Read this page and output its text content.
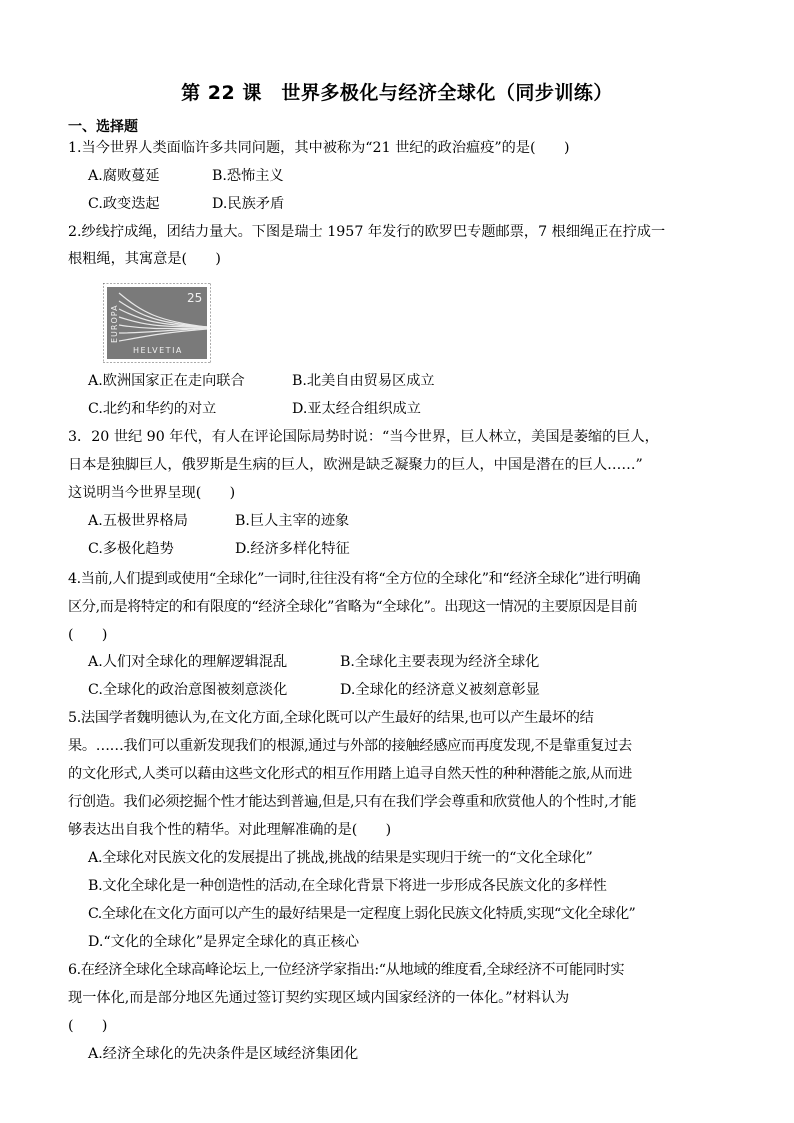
第 22 课　世界多极化与经济全球化（同步训练）
一、选择题
1.当今世界人类面临许多共同问题，其中被称为“21 世纪的政治瘟疫”的是(　　)
A.腐败蔓延	B.恐怖主义
C.政变迭起	D.民族矛盾
2.纱线拧成绳，团结力量大。下图是瑞士 1957 年发行的欧罗巴专题邮票，7 根细绳正在拧成一
根粗绳，其寓意是(　　)
EUROPA
25
HELVETIA
A.欧洲国家正在走向联合	B.北美自由贸易区成立
C.北约和华约的对立	D.亚太经合组织成立
3．20 世纪 90 年代，有人在评论国际局势时说：“当今世界，巨人林立，美国是萎缩的巨人，
日本是独脚巨人，俄罗斯是生病的巨人，欧洲是缺乏凝聚力的巨人，中国是潜在的巨人……”
这说明当今世界呈现(　　)
A.五极世界格局	B.巨人主宰的迹象
C.多极化趋势	D.经济多样化特征
4.当前,人们提到或使用“全球化”一词时,往往没有将“全方位的全球化”和“经济全球化”进行明确
区分,而是将特定的和有限度的“经济全球化”省略为“全球化”。出现这一情况的主要原因是目前
(　　)
A.人们对全球化的理解逻辑混乱	B.全球化主要表现为经济全球化
C.全球化的政治意图被刻意淡化	D.全球化的经济意义被刻意彰显
5.法国学者魏明德认为,在文化方面,全球化既可以产生最好的结果,也可以产生最坏的结
果。……我们可以重新发现我们的根源,通过与外部的接触经感应而再度发现,不是靠重复过去
的文化形式,人类可以藉由这些文化形式的相互作用踏上追寻自然天性的种种潜能之旅,从而进
行创造。我们必须挖掘个性才能达到普遍,但是,只有在我们学会尊重和欣赏他人的个性时,才能
够表达出自我个性的精华。对此理解准确的是(　　)
A.全球化对民族文化的发展提出了挑战,挑战的结果是实现归于统一的“文化全球化”
B.文化全球化是一种创造性的活动,在全球化背景下将进一步形成各民族文化的多样性
C.全球化在文化方面可以产生的最好结果是一定程度上弱化民族文化特质,实现“文化全球化”
D.“文化的全球化”是界定全球化的真正核心
6.在经济全球化全球高峰论坛上,一位经济学家指出:“从地域的维度看,全球经济不可能同时实
现一体化,而是部分地区先通过签订契约实现区域内国家经济的一体化。”材料认为
(　　)
A.经济全球化的先决条件是区域经济集团化
